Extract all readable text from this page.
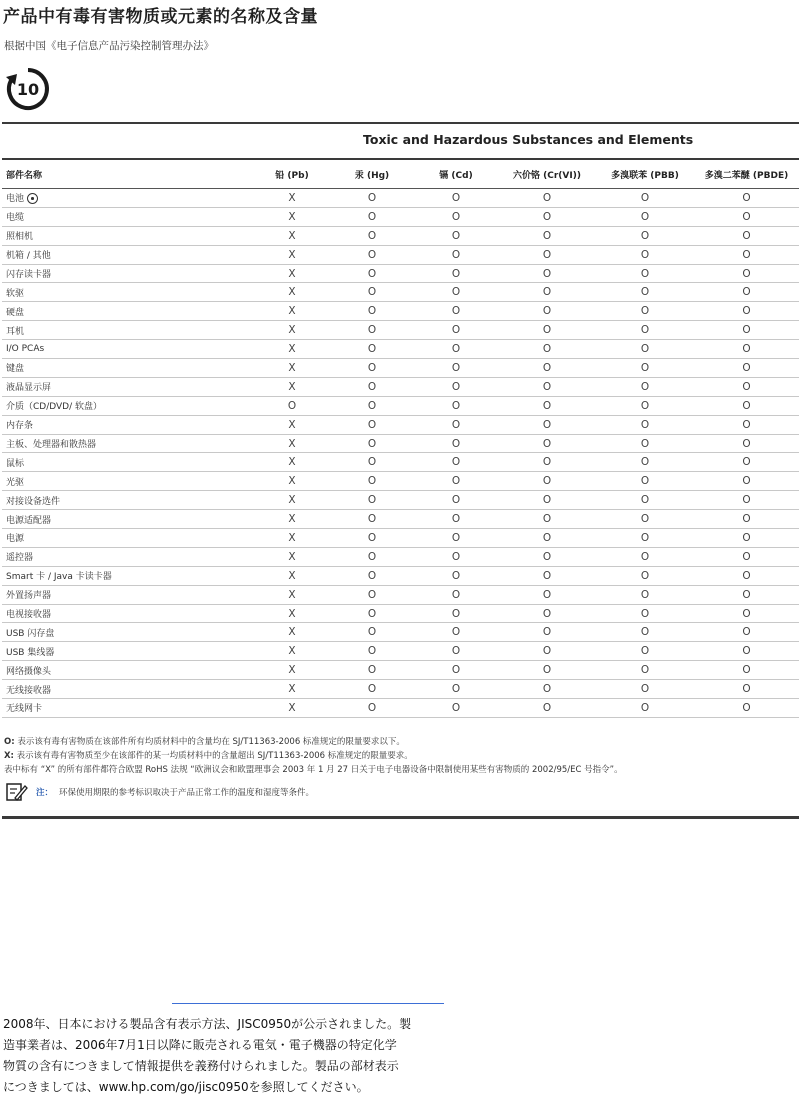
产品中有毒有害物质或元素的名称及含量
根据中国《电子信息产品污染控制管理办法》
10
Toxic and Hazardous Substances and Elements
部件名称	铅 (Pb)	汞 (Hg)	镉 (Cd)	六价铬 (Cr(VI))	多溴联苯 (PBB)	多溴二苯醚 (PBDE)
电池	X	O	O	O	O	O
电缆	X	O	O	O	O	O
照相机	X	O	O	O	O	O
机箱 / 其他	X	O	O	O	O	O
闪存读卡器	X	O	O	O	O	O
软驱	X	O	O	O	O	O
硬盘	X	O	O	O	O	O
耳机	X	O	O	O	O	O
I/O PCAs	X	O	O	O	O	O
键盘	X	O	O	O	O	O
液晶显示屏	X	O	O	O	O	O
介质（CD/DVD/ 软盘）	O	O	O	O	O	O
内存条	X	O	O	O	O	O
主板、处理器和散热器	X	O	O	O	O	O
鼠标	X	O	O	O	O	O
光驱	X	O	O	O	O	O
对接设备选件	X	O	O	O	O	O
电源适配器	X	O	O	O	O	O
电源	X	O	O	O	O	O
遥控器	X	O	O	O	O	O
Smart 卡 / Java 卡读卡器	X	O	O	O	O	O
外置扬声器	X	O	O	O	O	O
电视接收器	X	O	O	O	O	O
USB 闪存盘	X	O	O	O	O	O
USB 集线器	X	O	O	O	O	O
网络摄像头	X	O	O	O	O	O
无线接收器	X	O	O	O	O	O
无线网卡	X	O	O	O	O	O
O: 表示该有毒有害物质在该部件所有均质材料中的含量均在 SJ/T11363-2006 标准规定的限量要求以下。
X: 表示该有毒有害物质至少在该部件的某一均质材料中的含量超出 SJ/T11363-2006 标准规定的限量要求。
表中标有 “X” 的所有部件都符合欧盟 RoHS 法规 “欧洲议会和欧盟理事会 2003 年 1 月 27 日关于电子电器设备中限制使用某些有害物质的 2002/95/EC 号指令”。
注： 环保使用期限的参考标识取决于产品正常工作的温度和湿度等条件。

2008年、日本における製品含有表示方法、JISC0950が公示されました。製

造事業者は、2006年7月1日以降に販売される電気・電子機器の特定化学

物質の含有につきまして情報提供を義務付けられました。製品の部材表示

につきましては、www.hp.com/go/jisc0950を参照してください。
